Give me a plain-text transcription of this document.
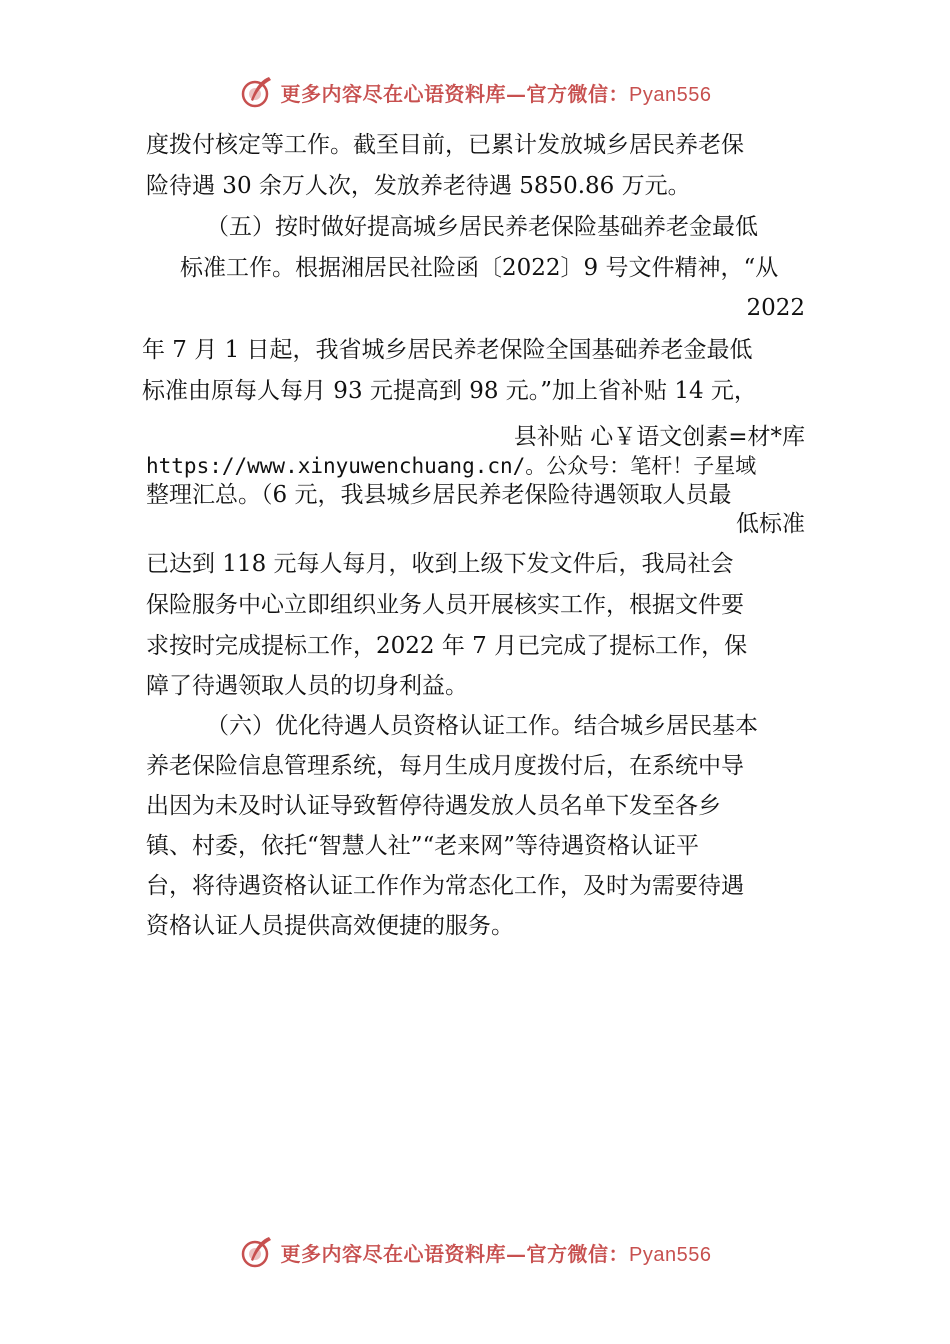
更多内容尽在心语资料库—官方微信：Pyan556
度拨付核定等工作。截至目前，已累计发放城乡居民养老保
险待遇 30 余万人次，发放养老待遇 5850.86 万元。
（五）按时做好提高城乡居民养老保险基础养老金最低
标准工作。根据湘居民社险函〔2022〕9 号文件精神，“从
2022
年 7 月 1 日起，我省城乡居民养老保险全国基础养老金最低
标准由原每人每月 93 元提高到 98 元。”加上省补贴 14 元，
县补贴 心￥语文创素=材*库
https://www.xinyuwenchuang.cn/。公众号：笔杆！子星域
整理汇总。（6 元，我县城乡居民养老保险待遇领取人员最
低标准
已达到 118 元每人每月，收到上级下发文件后，我局社会
保险服务中心立即组织业务人员开展核实工作，根据文件要
求按时完成提标工作，2022 年 7 月已完成了提标工作，保
障了待遇领取人员的切身利益。
（六）优化待遇人员资格认证工作。结合城乡居民基本
养老保险信息管理系统，每月生成月度拨付后，在系统中导
出因为未及时认证导致暂停待遇发放人员名单下发至各乡
镇、村委，依托“智慧人社”“老来网”等待遇资格认证平
台，将待遇资格认证工作作为常态化工作，及时为需要待遇
资格认证人员提供高效便捷的服务。
更多内容尽在心语资料库—官方微信：Pyan556
